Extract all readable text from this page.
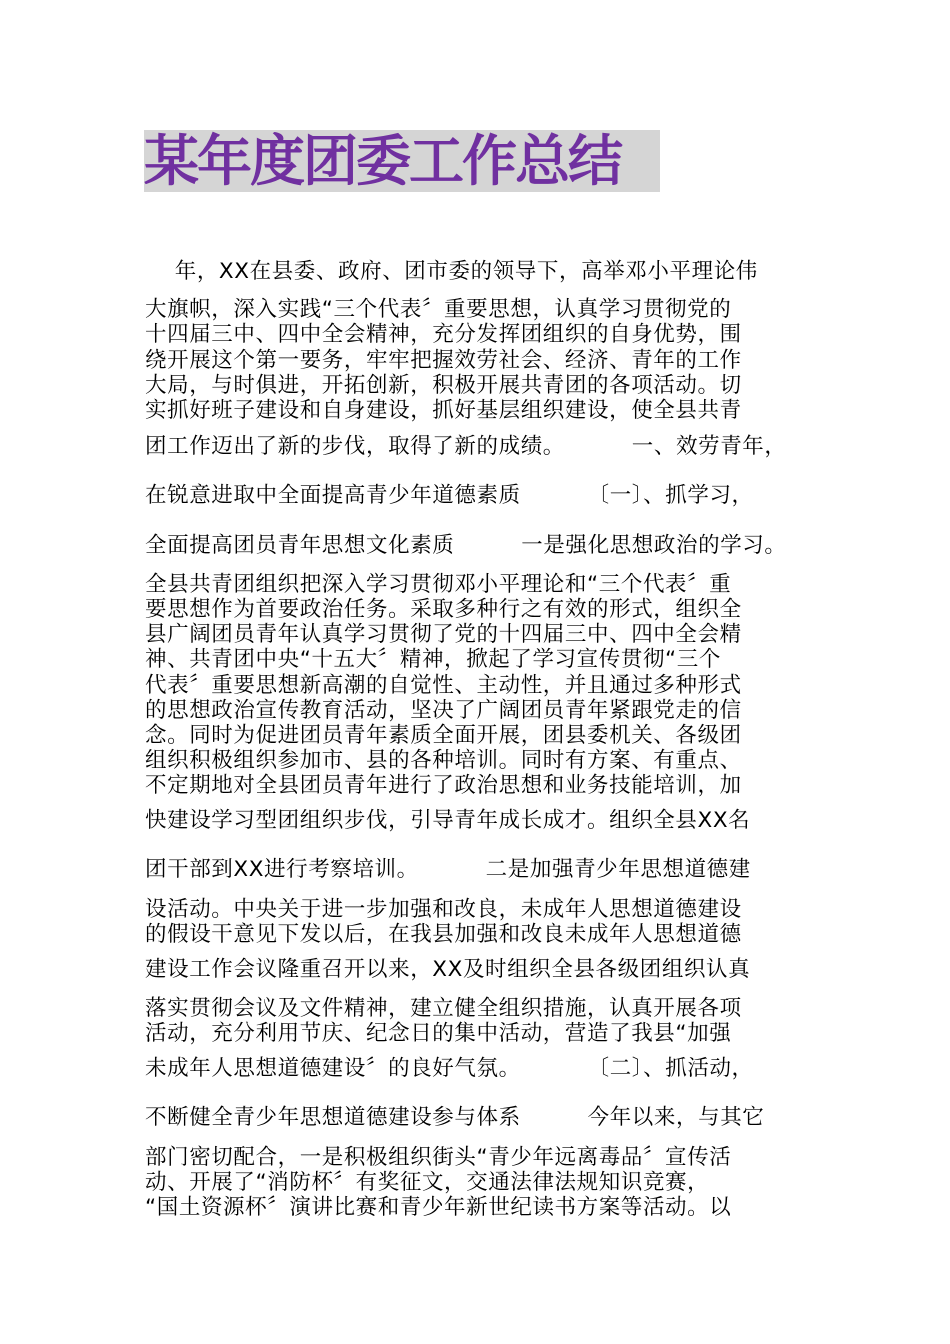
某年度团委工作总结
年，XX在县委、政府、团市委的领导下，高举邓小平理论伟
大旗帜，深入实践“三个代表〞重要思想，认真学习贯彻党的
十四届三中、四中全会精神，充分发挥团组织的自身优势，围
绕开展这个第一要务，牢牢把握效劳社会、经济、青年的工作
大局，与时俱进，开拓创新，积极开展共青团的各项活动。切
实抓好班子建设和自身建设，抓好基层组织建设，使全县共青
团工作迈出了新的步伐，取得了新的成绩。         一、效劳青年，
在锐意进取中全面提高青少年道德素质         〔一〕、抓学习，
全面提高团员青年思想文化素质         一是强化思想政治的学习。
全县共青团组织把深入学习贯彻邓小平理论和“三个代表〞重
要思想作为首要政治任务。采取多种行之有效的形式，组织全
县广阔团员青年认真学习贯彻了党的十四届三中、四中全会精
神、共青团中央“十五大〞精神，掀起了学习宣传贯彻“三个
代表〞重要思想新高潮的自觉性、主动性，并且通过多种形式
的思想政治宣传教育活动，坚决了广阔团员青年紧跟党走的信
念。同时为促进团员青年素质全面开展，团县委机关、各级团
组织积极组织参加市、县的各种培训。同时有方案、有重点、
不定期地对全县团员青年进行了政治思想和业务技能培训，加
快建设学习型团组织步伐，引导青年成长成才。组织全县XX名
团干部到XX进行考察培训。         二是加强青少年思想道德建
设活动。中央关于进一步加强和改良，未成年人思想道德建设
的假设干意见下发以后，在我县加强和改良未成年人思想道德
建设工作会议隆重召开以来，XX及时组织全县各级团组织认真
落实贯彻会议及文件精神，建立健全组织措施，认真开展各项
活动，充分利用节庆、纪念日的集中活动，营造了我县“加强
未成年人思想道德建设〞的良好气氛。         〔二〕、抓活动，
不断健全青少年思想道德建设参与体系         今年以来，与其它
部门密切配合，一是积极组织街头“青少年远离毒品〞宣传活
动、开展了“消防杯〞有奖征文，交通法律法规知识竞赛，
“国土资源杯〞演讲比赛和青少年新世纪读书方案等活动。以
